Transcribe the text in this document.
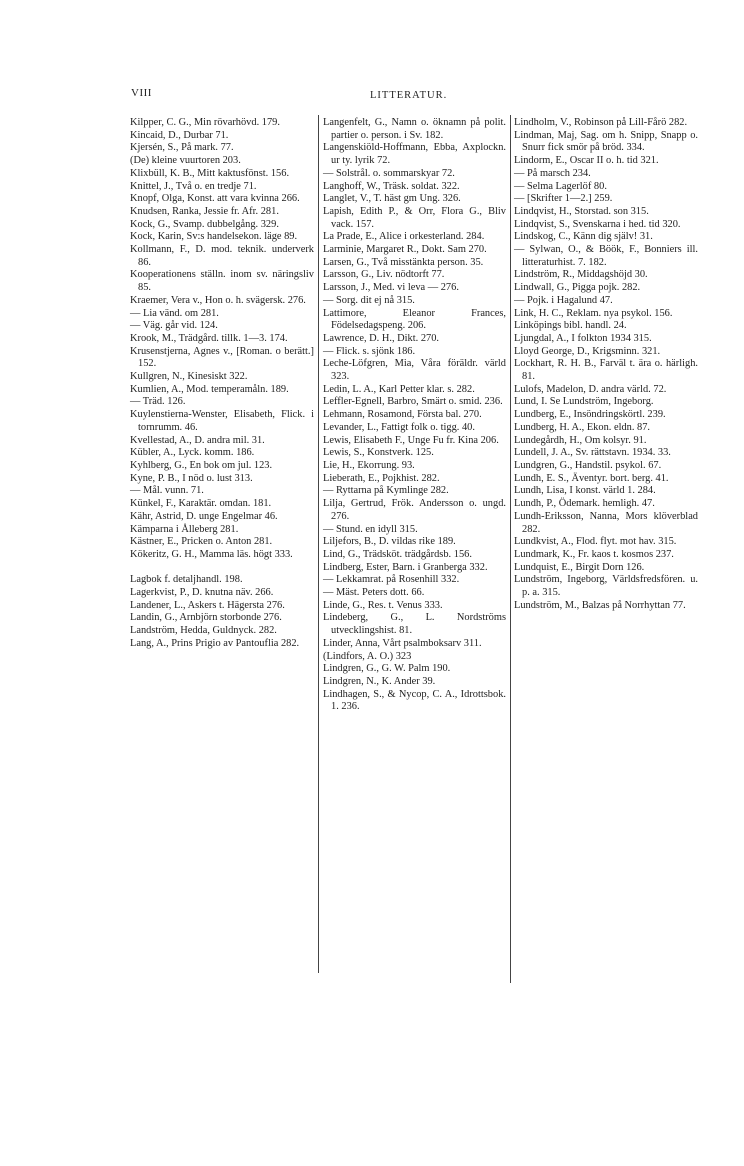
VIII	LITTERATUR.

Kilpper, C. G., Min rövarhövd. 179.

Kincaid, D., Durbar 71.

Kjersén, S., På mark. 77.

(De) kleine vuurtoren 203.

Klixbüll, K. B., Mitt kaktusfönst. 156.

Knittel, J., Två o. en tredje 71.

Knopf, Olga, Konst. att vara kvinna 266.

Knudsen, Ranka, Jessie fr. Afr. 281.

Kock, G., Svamp. dubbelgång. 329.

Kock, Karin, Sv:s handelsekon. läge 89.

Kollmann, F., D. mod. teknik. underverk 86.

Kooperationens ställn. inom sv. näringsliv 85.

Kraemer, Vera v., Hon o. h. svägersk. 276.

— Lia vänd. om 281.

— Väg. går vid. 124.

Krook, M., Trädgård. tillk. 1—3. 174.

Krusenstjerna, Agnes v., [Roman. o berätt.] 152.

Kullgren, N., Kinesiskt 322.

Kumlien, A., Mod. temperamåln. 189.

— Träd. 126.

Kuylenstierna-Wenster, Elisabeth, Flick. i tornrumm. 46.

Kvellestad, A., D. andra mil. 31.

Kübler, A., Lyck. komm. 186.

Kyhlberg, G., En bok om jul. 123.

Kyne, P. B., I nöd o. lust 313.

— Mål. vunn. 71.

Künkel, F., Karaktär. omdan. 181.

Kähr, Astrid, D. unge Engelmar 46.

Kämparna i Ålleberg 281.

Kästner, E., Pricken o. Anton 281.

Kökeritz, G. H., Mamma läs. högt 333.

Lagbok f. detaljhandl. 198.

Lagerkvist, P., D. knutna näv. 266.

Landener, L., Askers t. Hägersta 276.

Landin, G., Arnbjörn storbonde 276.

Landström, Hedda, Guldnyck. 282.

Lang, A., Prins Prigio av Pantouflia 282.

Langenfelt, G., Namn o. öknamn på polit. partier o. person. i Sv. 182.

Langenskiöld-Hoffmann, Ebba, Axplockn. ur ty. lyrik 72.

— Solstrål. o. sommarskyar 72.

Langhoff, W., Träsk. soldat. 322.

Langlet, V., T. häst gm Ung. 326.

Lapish, Edith P., & Orr, Flora G., Bliv vack. 157.

La Prade, E., Alice i orkesterland. 284.

Larminie, Margaret R., Dokt. Sam 270.

Larsen, G., Två misstänkta person. 35.

Larsson, G., Liv. nödtorft 77.

Larsson, J., Med. vi leva — 276.

— Sorg. dit ej nå 315.

Lattimore, Eleanor Frances, Födelsedagspeng. 206.

Lawrence, D. H., Dikt. 270.

— Flick. s. sjönk 186.

Leche-Löfgren, Mia, Våra föräldr. värld 323.

Ledin, L. A., Karl Petter klar. s. 282.

Leffler-Egnell, Barbro, Smärt o. smid. 236.

Lehmann, Rosamond, Första bal. 270.

Levander, L., Fattigt folk o. tigg. 40.

Lewis, Elisabeth F., Unge Fu fr. Kina 206.

Lewis, S., Konstverk. 125.

Lie, H., Ekorrung. 93.

Lieberath, E., Pojkhist. 282.

— Ryttarna på Kymlinge 282.

Lilja, Gertrud, Frök. Andersson o. ungd. 276.

— Stund. en idyll 315.

Liljefors, B., D. vildas rike 189.

Lind, G., Trädsköt. trädgårdsb. 156.

Lindberg, Ester, Barn. i Granberga 332.

— Lekkamrat. på Rosenhill 332.

— Mäst. Peters dott. 66.

Linde, G., Res. t. Venus 333.

Lindeberg, G., L. Nordströms utvecklingshist. 81.

Linder, Anna, Vårt psalmboksarv 311.

(Lindfors, A. O.) 323

Lindgren, G., G. W. Palm 190.

Lindgren, N., K. Ander 39.

Lindhagen, S., & Nycop, C. A., Idrottsbok. 1. 236.

Lindholm, V., Robinson på Lill-Fårö 282.

Lindman, Maj, Sag. om h. Snipp, Snapp o. Snurr fick smör på bröd. 334.

Lindorm, E., Oscar II o. h. tid 321.

— På marsch 234.

— Selma Lagerlöf 80.

— [Skrifter 1—2.] 259.

Lindqvist, H., Storstad. son 315.

Lindqvist, S., Svenskarna i hed. tid 320.

Lindskog, C., Känn dig själv! 31.

— Sylwan, O., & Böök, F., Bonniers ill. litteraturhist. 7. 182.

Lindström, R., Middagshöjd 30.

Lindwall, G., Pigga pojk. 282.

— Pojk. i Hagalund 47.

Link, H. C., Reklam. nya psykol. 156.

Linköpings bibl. handl. 24.

Ljungdal, A., I folkton 1934 315.

Lloyd George, D., Krigsminn. 321.

Lockhart, R. H. B., Farväl t. ära o. härligh. 81.

Lulofs, Madelon, D. andra värld. 72.

Lund, I. Se Lundström, Ingeborg.

Lundberg, E., Insöndringskörtl. 239.

Lundberg, H. A., Ekon. eldn. 87.

Lundegårdh, H., Om kolsyr. 91.

Lundell, J. A., Sv. rättstavn. 1934. 33.

Lundgren, G., Handstil. psykol. 67.

Lundh, E. S., Äventyr. bort. berg. 41.

Lundh, Lisa, I konst. värld 1. 284.

Lundh, P., Ödemark. hemligh. 47.

Lundh-Eriksson, Nanna, Mors klöverblad 282.

Lundkvist, A., Flod. flyt. mot hav. 315.

Lundmark, K., Fr. kaos t. kosmos 237.

Lundquist, E., Birgit Dorn 126.

Lundström, Ingeborg, Världsfredsfören. u. p. a. 315.

Lundström, M., Balzas på Norrhyttan 77.
